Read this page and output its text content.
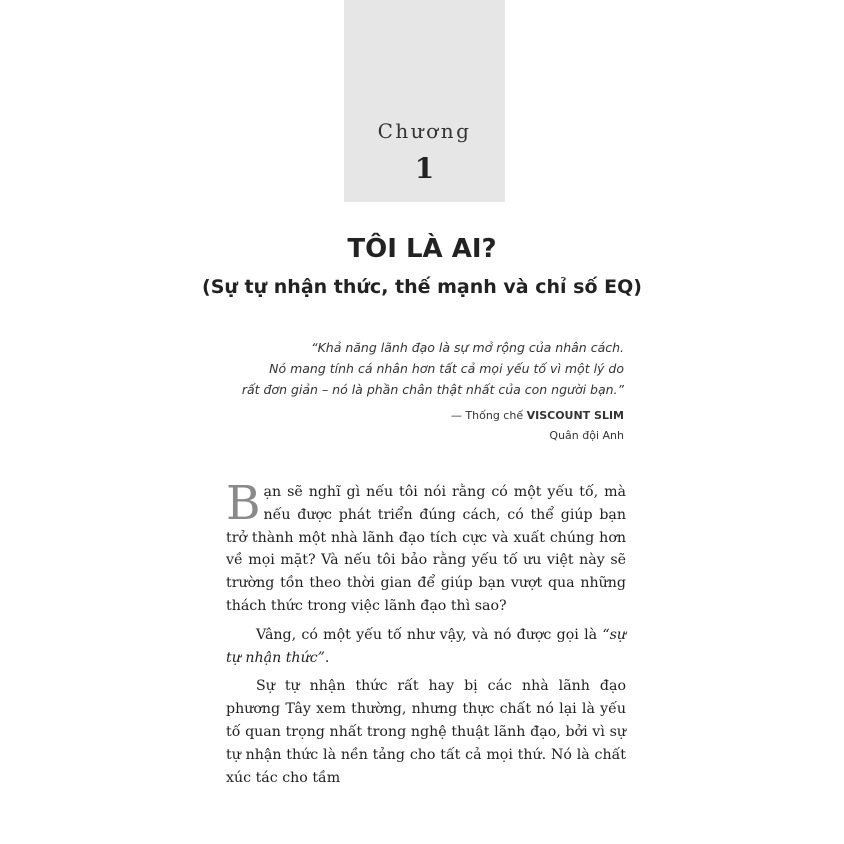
Chương
1
TÔI LÀ AI?
(Sự tự nhận thức, thế mạnh và chỉ số EQ)
“Khả năng lãnh đạo là sự mở rộng của nhân cách.
Nó mang tính cá nhân hơn tất cả mọi yếu tố vì một lý do
rất đơn giản – nó là phần chân thật nhất của con người bạn.”
— Thống chế VISCOUNT SLIM
Quân đội Anh

Bạn sẽ nghĩ gì nếu tôi nói rằng có một yếu tố, mà nếu được phát triển đúng cách, có thể giúp bạn trở thành một nhà lãnh đạo tích cực và xuất chúng hơn về mọi mặt? Và nếu tôi bảo rằng yếu tố ưu việt này sẽ trường tồn theo thời gian để giúp bạn vượt qua những thách thức trong việc lãnh đạo thì sao?

Vâng, có một yếu tố như vậy, và nó được gọi là “sự tự nhận thức”.

Sự tự nhận thức rất hay bị các nhà lãnh đạo phương Tây xem thường, nhưng thực chất nó lại là yếu tố quan trọng nhất trong nghệ thuật lãnh đạo, bởi vì sự tự nhận thức là nền tảng cho tất cả mọi thứ. Nó là chất xúc tác cho tầm
